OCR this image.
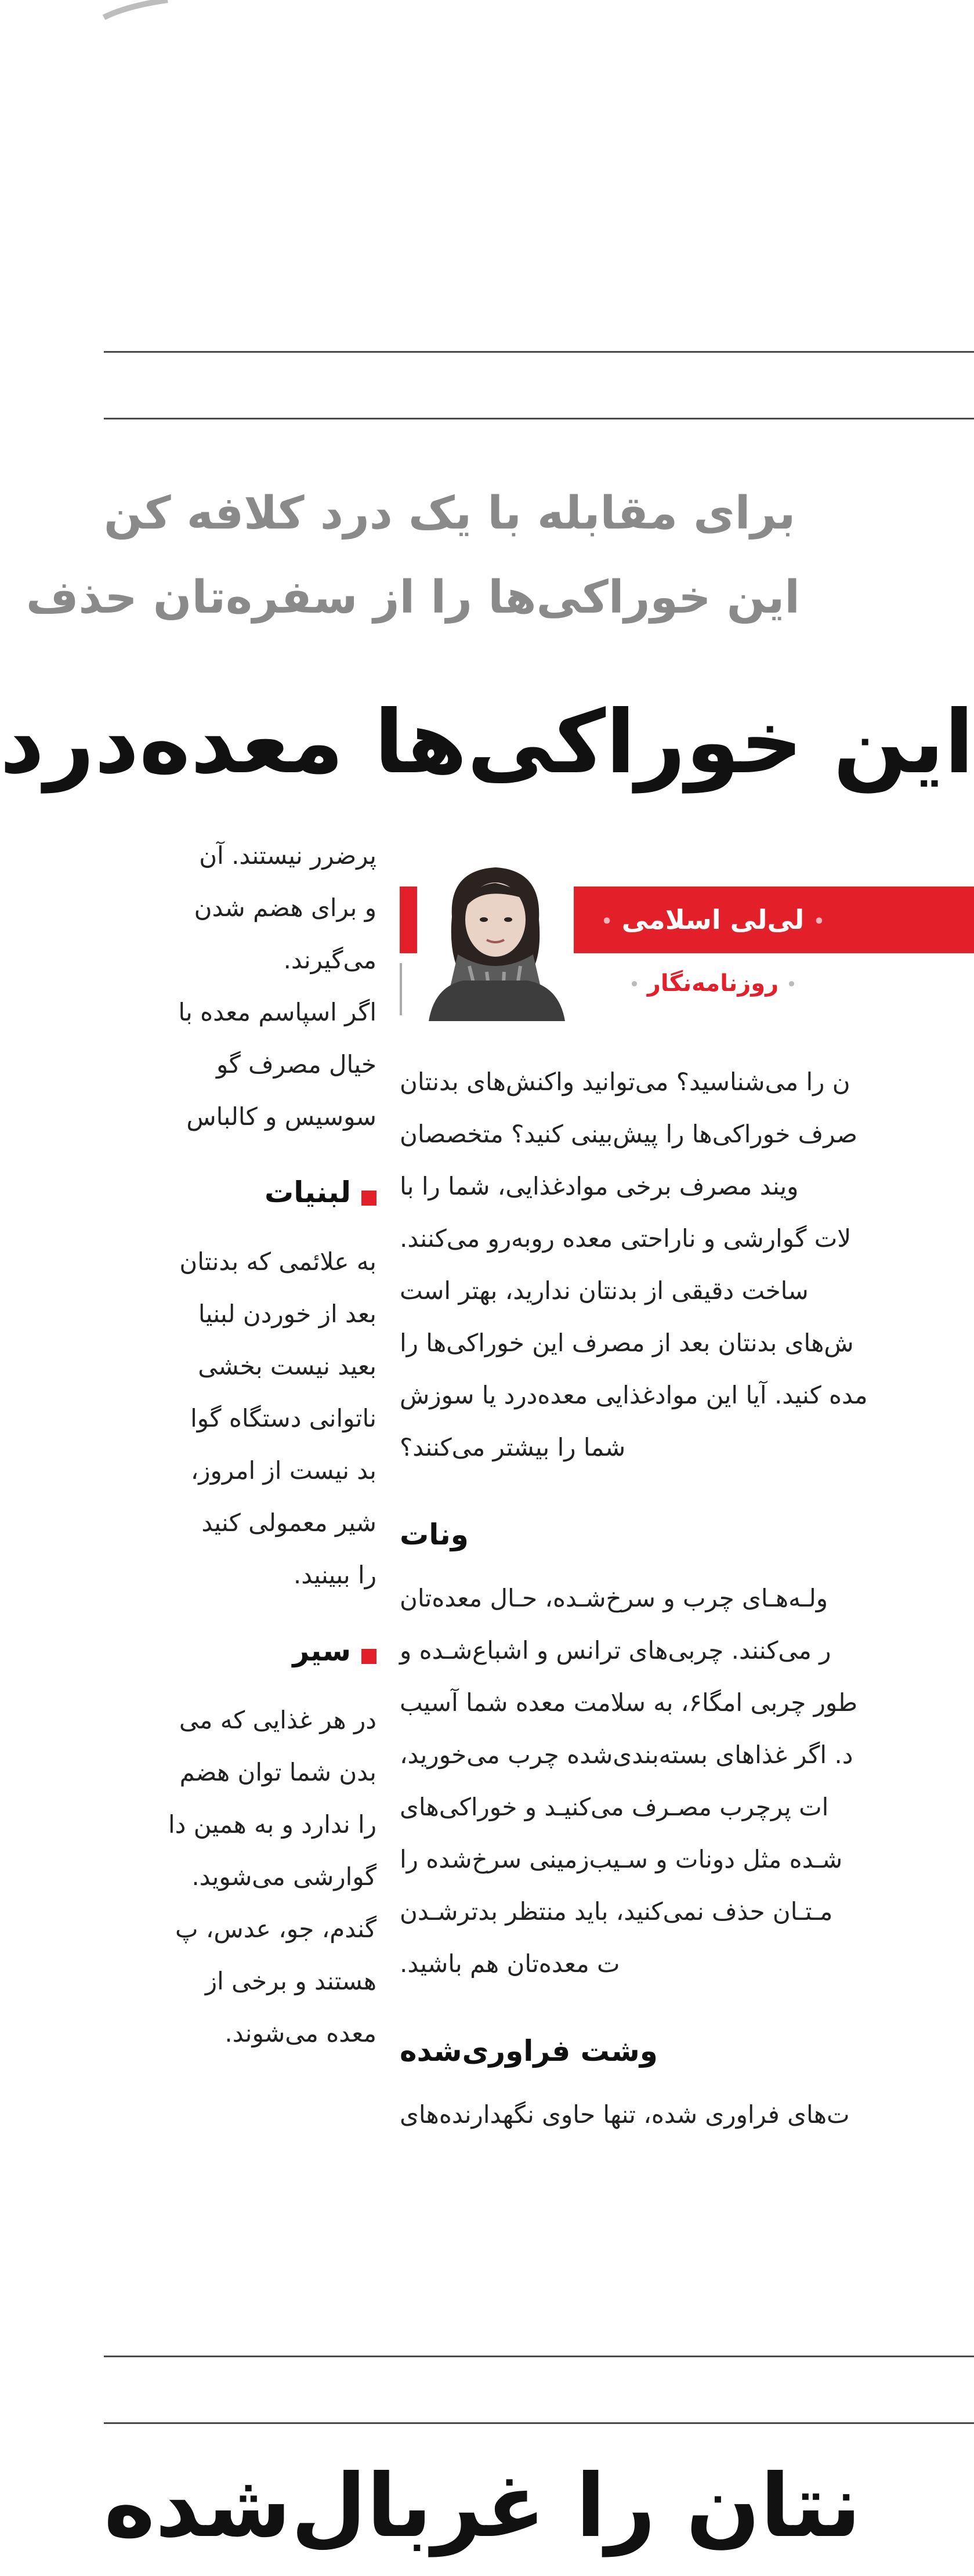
برای مقابله با یک درد کلافه کن
این خوراکی‌ها را از سفره‌تان حذف
این خوراکی‌ها معده‌درد
• لی‌لی اسلامی •
• روزنامه‌نگار •
پرضرر نیستند. آن
و برای هضم شدن
می‌گیرند.
اگر اسپاسم معده با
خیال مصرف گو
سوسیس و کالباس
لبنیات
به علائمی که بدنتان
بعد از خوردن لبنیا
بعید نیست بخشی
ناتوانی دستگاه گوا
بد نیست از امروز،
شیر معمولی کنید
را ببینید.
سیر
در هر غذایی که می
بدن شما توان هضم
را ندارد و به همین دا
گوارشی می‌شوید.
گندم، جو، عدس، پ
هستند و برخی از
معده می‌شوند.
ن را می‌شناسید؟ می‌توانید واکنش‌های بدنتان
صرف خوراکی‌ها را پیش‌بینی کنید؟ متخصصان
ویند مصرف برخی موادغذایی، شما را با
لات گوارشی و ناراحتی معده روبه‌رو می‌کنند.
ساخت دقیقی از بدنتان ندارید، بهتر است
ش‌های بدنتان بعد از مصرف این خوراکی‌ها را
مده کنید. آیا این موادغذایی معده‌درد یا سوزش
شما را بیشتر می‌کنند؟
ونات
ولـه‌هـای چرب و سرخ‌شـده، حـال معده‌تان
ر می‌کنند. چربی‌های ترانس و اشباع‌شـده و
طور چربی امگا۶، به سلامت معده شما آسیب
د. اگر غذاهای بسته‌بندی‌شده چرب می‌خورید،
ات پرچرب مصـرف می‌کنیـد و خوراکی‌های
شـده مثل دونات و سـیب‌زمینی سرخ‌شده را
مـتـان حذف نمی‌کنید، باید منتظر بدترشـدن
ت معده‌تان هم باشید.
وشت فراوری‌شده
ت‌های فراوری شده، تنها حاوی نگهدارنده‌های
نتان را غربال‌شده
